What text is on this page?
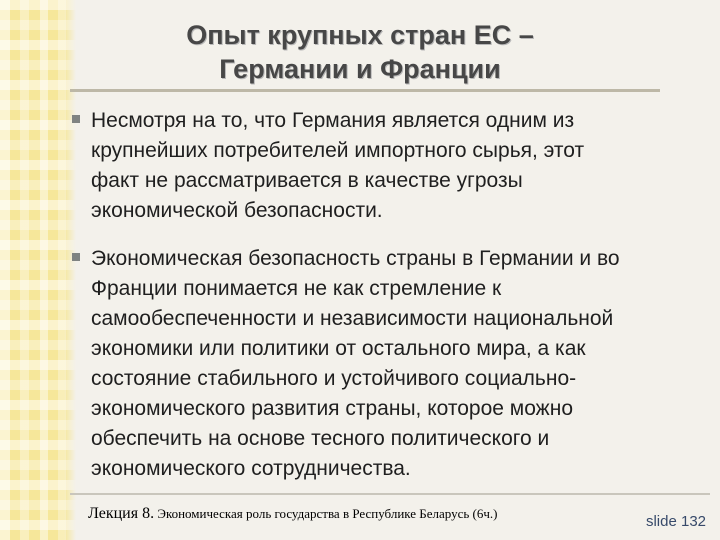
Опыт крупных стран ЕС –
Германии и Франции
Несмотря на то, что Германия является одним из
крупнейших потребителей импортного сырья, этот
факт не рассматривается в качестве угрозы
экономической безопасности.
Экономическая безопасность страны в Германии и во
Франции понимается не как стремление к
самообеспеченности и независимости национальной
экономики или политики от остального мира, а как
состояние стабильного и устойчивого социально-
экономического развития страны, которое можно
обеспечить на основе тесного политического и
экономического сотрудничества.
Лекция 8. Экономическая роль государства в Республике Беларусь (6ч.)	slide 132
